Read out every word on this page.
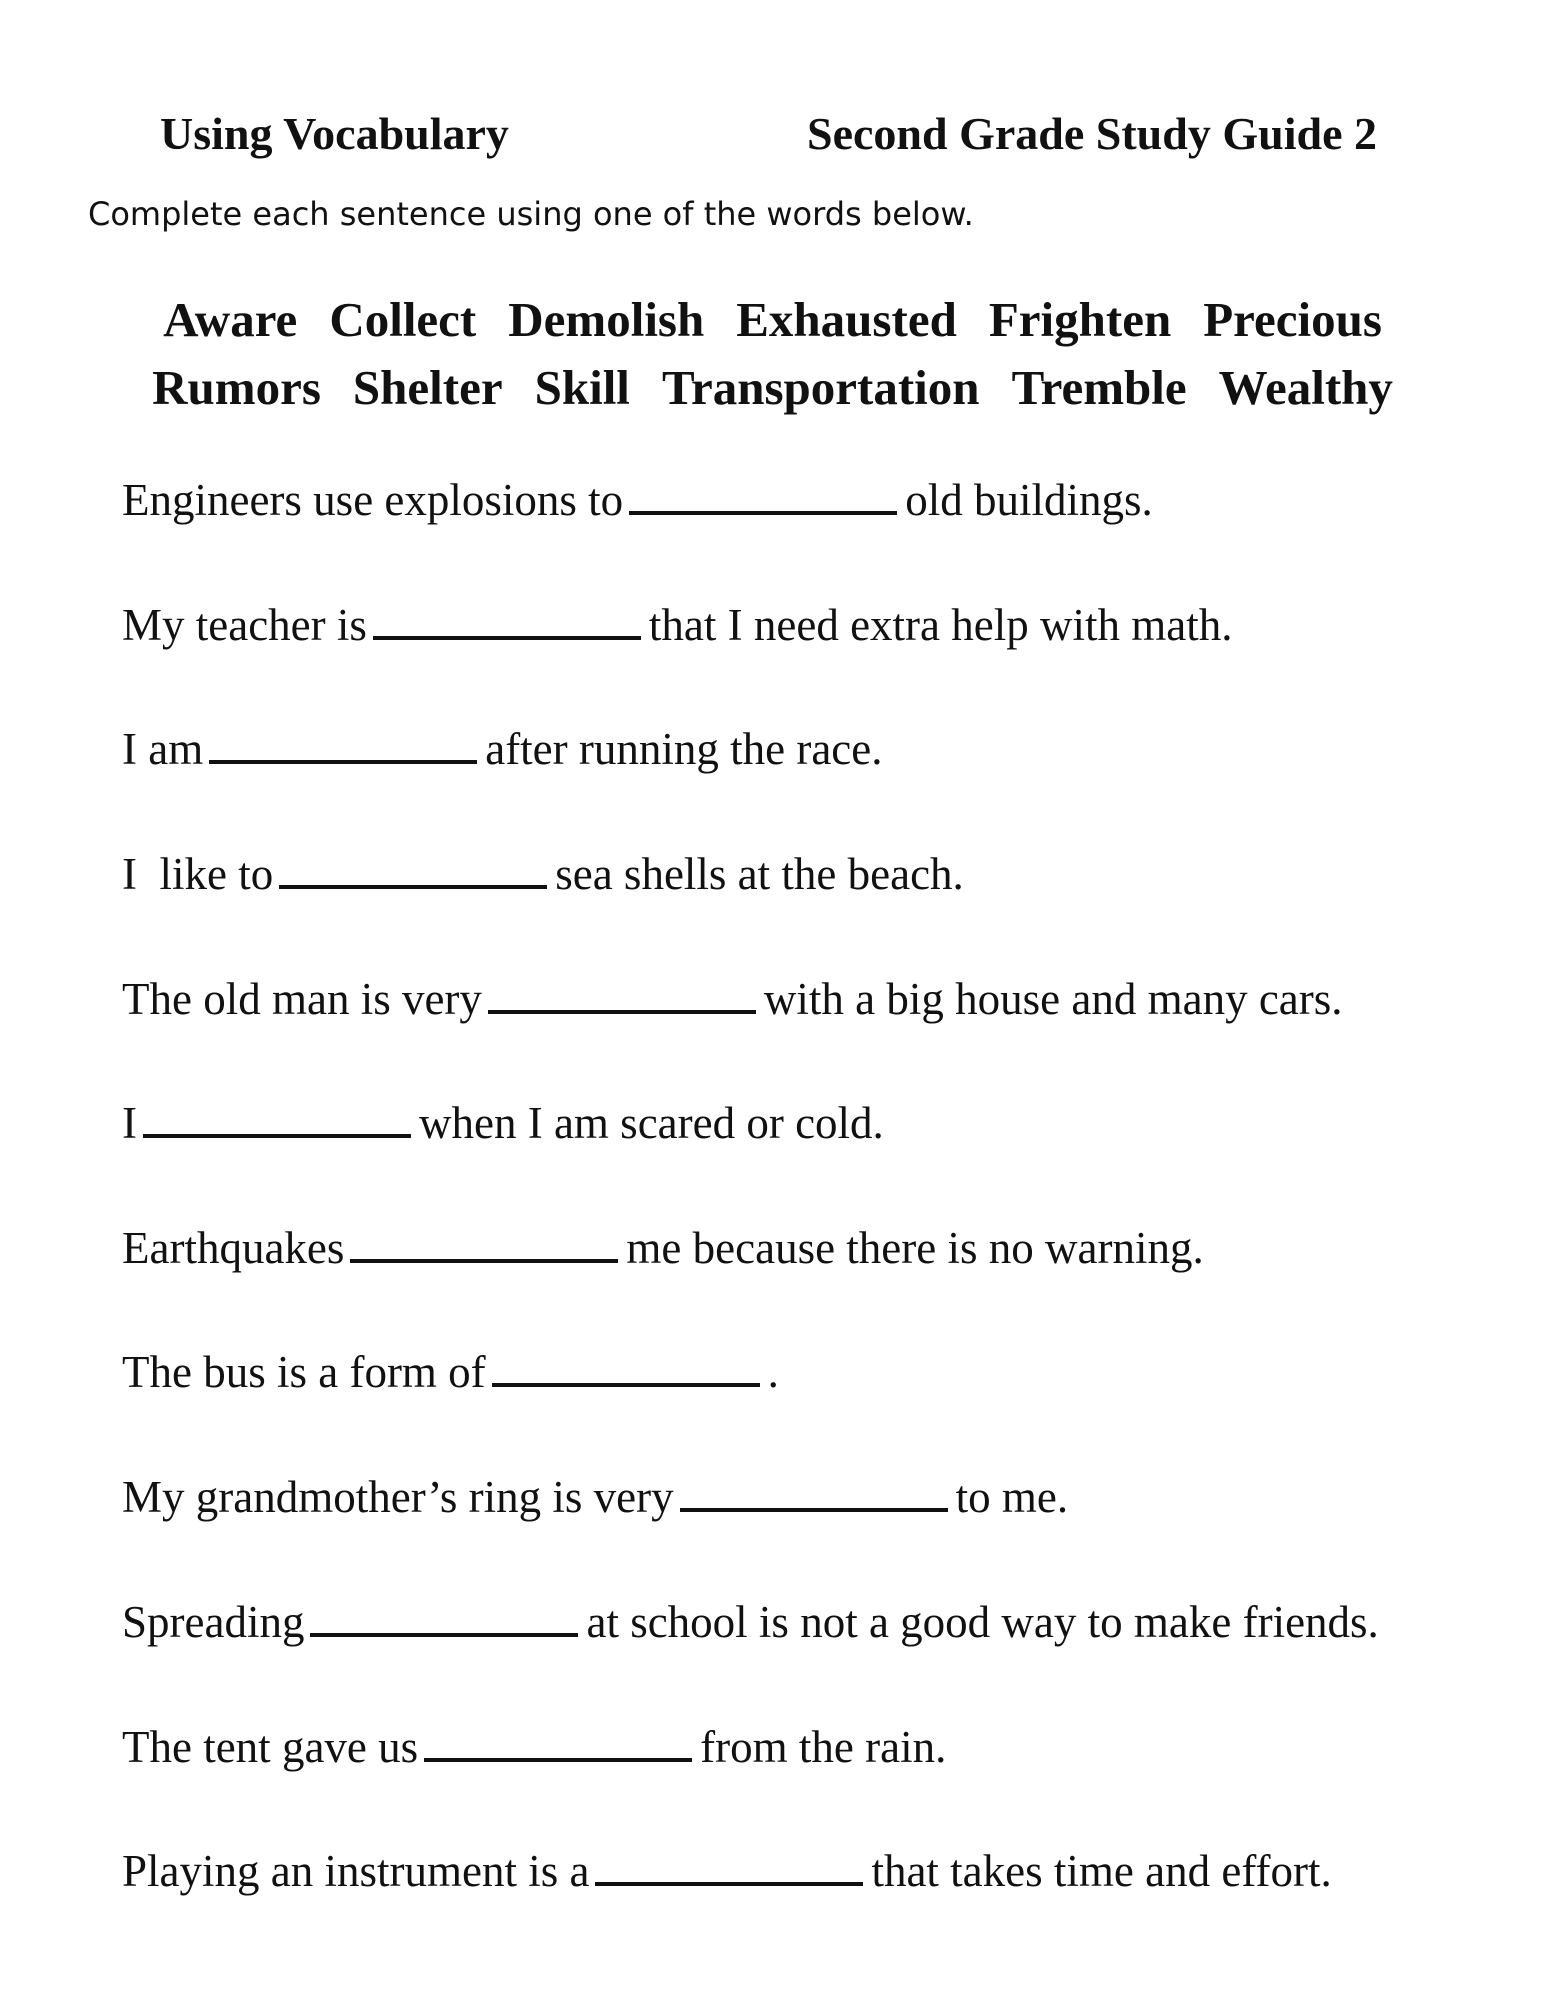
Using Vocabulary	Second Grade Study Guide 2
Complete each sentence using one of the words below.
Aware Collect Demolish Exhausted Frighten Precious
Rumors Shelter Skill Transportation Tremble Wealthy
Engineers use explosions to	old buildings.
My teacher is	that I need extra help with math.
I am	after running the race.
I  like to	sea shells at the beach.
The old man is very	with a big house and many cars.
I	when I am scared or cold.
Earthquakes	me because there is no warning.
The bus is a form of	.
My grandmother’s ring is very	to me.
Spreading	at school is not a good way to make friends.
The tent gave us	from the rain.
Playing an instrument is a	that takes time and effort.
